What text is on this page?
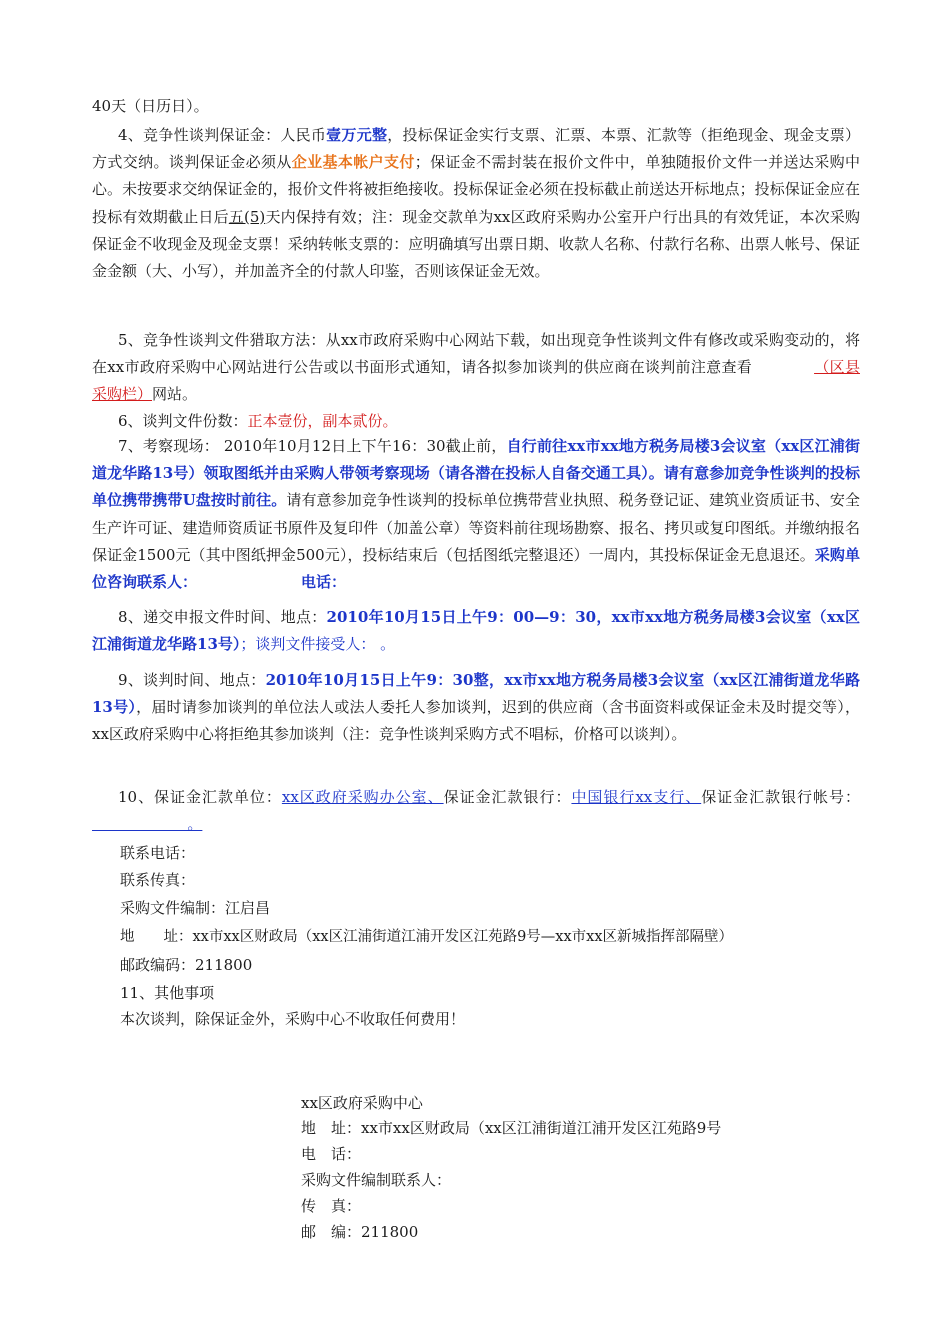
40天（日历日）。

4、竞争性谈判保证金：人民币壹万元整，投标保证金实行支票、汇票、本票、汇款等（拒绝现金、现金支票）方式交纳。谈判保证金必须从企业基本帐户支付；保证金不需封装在报价文件中，单独随报价文件一并送达采购中心。未按要求交纳保证金的，报价文件将被拒绝接收。投标保证金必须在投标截止前送达开标地点；投标保证金应在投标有效期截止日后五(5)天内保持有效；注：现金交款单为xx区政府采购办公室开户行出具的有效凭证，本次采购保证金不收现金及现金支票！采纳转帐支票的：应明确填写出票日期、收款人名称、付款行名称、出票人帐号、保证金金额（大、小写），并加盖齐全的付款人印鉴，否则该保证金无效。

5、竞争性谈判文件猎取方法：从xx市政府采购中心网站下载，如出现竞争性谈判文件有修改或采购变动的，将在xx市政府采购中心网站进行公告或以书面形式通知，请各拟参加谈判的供应商在谈判前注意查看	（区县采购栏）网站。

6、谈判文件份数：正本壹份，副本贰份。

7、考察现场： 2010年10月12日上下午16：30截止前，自行前往xx市xx地方税务局楼3会议室（xx区江浦街道龙华路13号）领取图纸并由采购人带领考察现场（请各潜在投标人自备交通工具）。请有意参加竞争性谈判的投标单位携带携带U盘按时前往。请有意参加竞争性谈判的投标单位携带营业执照、税务登记证、建筑业资质证书、安全生产许可证、建造师资质证书原件及复印件（加盖公章）等资料前往现场勘察、报名、拷贝或复印图纸。并缴纳报名保证金1500元（其中图纸押金500元），投标结束后（包括图纸完整退还）一周内，其投标保证金无息退还。采购单位咨询联系人：	电话：

8、递交申报文件时间、地点：2010年10月15日上午9：00—9：30，xx市xx地方税务局楼3会议室（xx区江浦街道龙华路13号）；谈判文件接受人： 。

9、谈判时间、地点：2010年10月15日上午9：30整，xx市xx地方税务局楼3会议室（xx区江浦街道龙华路13号），届时请参加谈判的单位法人或法人委托人参加谈判，迟到的供应商（含书面资料或保证金未及时提交等），xx区政府采购中心将拒绝其参加谈判（注：竞争性谈判采购方式不唱标，价格可以谈判）。

10、保证金汇款单位：xx区政府采购办公室、保证金汇款银行：中国银行xx支行、保证金汇款银行帐号：                    。

联系电话：

联系传真：

采购文件编制：江启昌

地　　址：xx市xx区财政局（xx区江浦街道江浦开发区江苑路9号—xx市xx区新城指挥部隔壁）

邮政编码：211800

11、其他事项

本次谈判，除保证金外，采购中心不收取任何费用！

xx区政府采购中心

地　址：xx市xx区财政局（xx区江浦街道江浦开发区江苑路9号

电　话：

采购文件编制联系人：

传　真：

邮　编：211800
